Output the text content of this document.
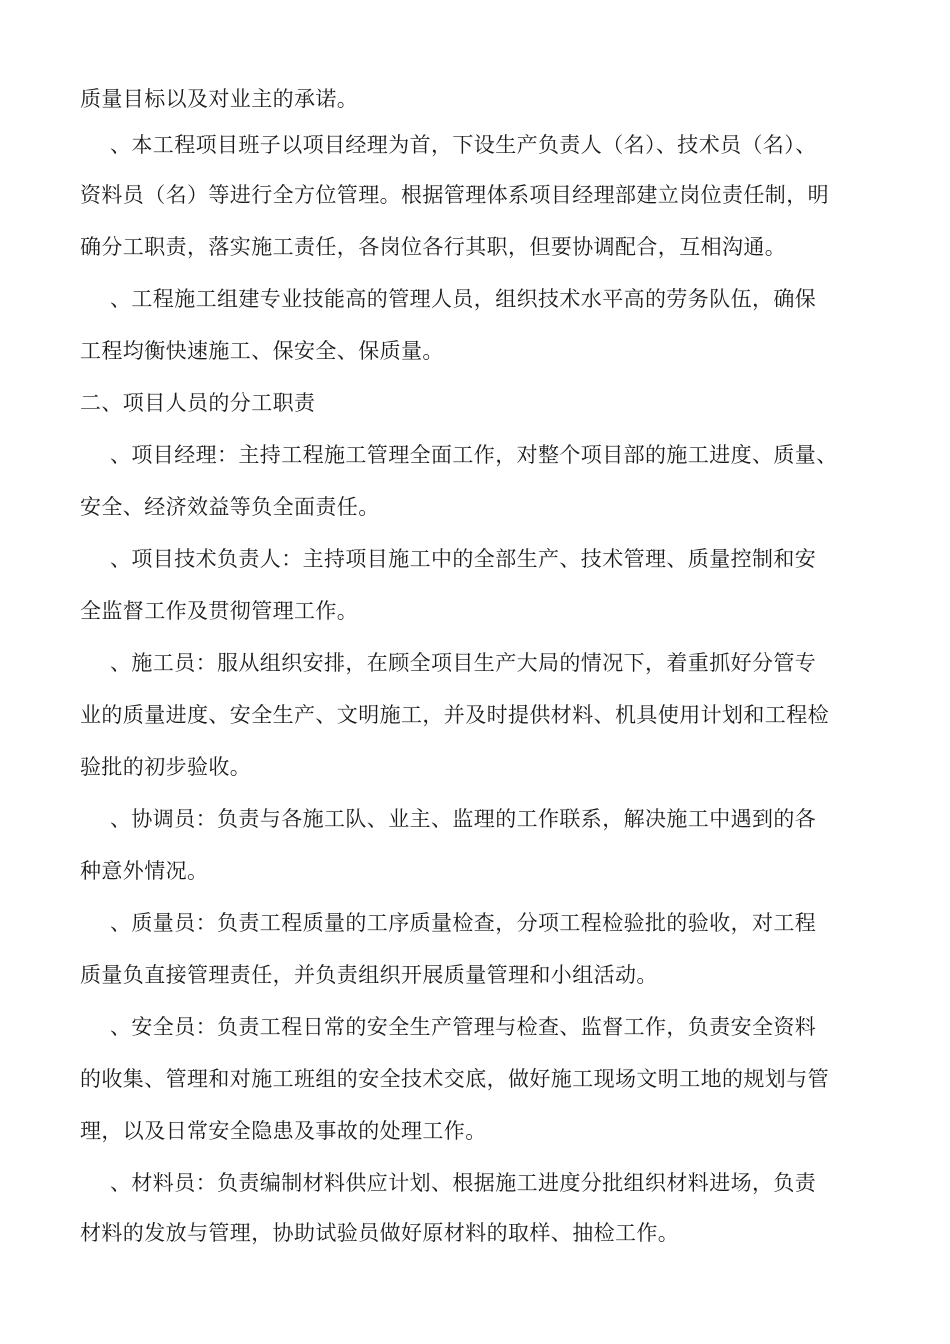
质量目标以及对业主的承诺。
、本工程项目班子以项目经理为首，下设生产负责人（名）、技术员（名）、
资料员（名）等进行全方位管理。根据管理体系项目经理部建立岗位责任制，明
确分工职责，落实施工责任，各岗位各行其职，但要协调配合，互相沟通。
、工程施工组建专业技能高的管理人员，组织技术水平高的劳务队伍，确保
工程均衡快速施工、保安全、保质量。
二、项目人员的分工职责
、项目经理：主持工程施工管理全面工作，对整个项目部的施工进度、质量、
安全、经济效益等负全面责任。
、项目技术负责人：主持项目施工中的全部生产、技术管理、质量控制和安
全监督工作及贯彻管理工作。
、施工员：服从组织安排，在顾全项目生产大局的情况下，着重抓好分管专
业的质量进度、安全生产、文明施工，并及时提供材料、机具使用计划和工程检
验批的初步验收。
、协调员：负责与各施工队、业主、监理的工作联系，解决施工中遇到的各
种意外情况。
、质量员：负责工程质量的工序质量检查，分项工程检验批的验收，对工程
质量负直接管理责任，并负责组织开展质量管理和小组活动。
、安全员：负责工程日常的安全生产管理与检查、监督工作，负责安全资料
的收集、管理和对施工班组的安全技术交底，做好施工现场文明工地的规划与管
理，以及日常安全隐患及事故的处理工作。
、材料员：负责编制材料供应计划、根据施工进度分批组织材料进场，负责
材料的发放与管理，协助试验员做好原材料的取样、抽检工作。
